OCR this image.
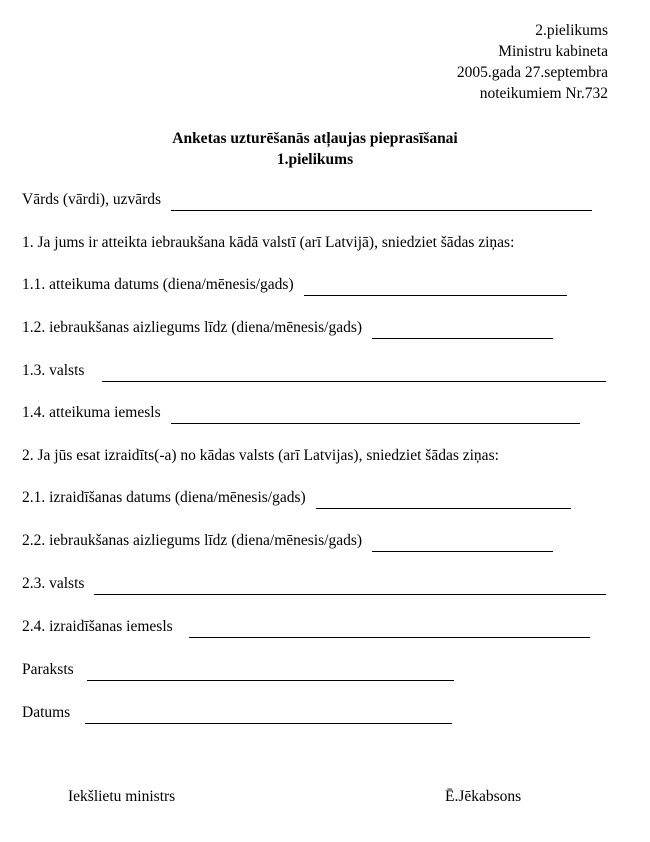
2.pielikums
Ministru kabineta
2005.gada 27.septembra
noteikumiem Nr.732
Anketas uzturēšanās atļaujas pieprasīšanai
1.pielikums
Vārds (vārdi), uzvārds
1. Ja jums ir atteikta iebraukšana kādā valstī (arī Latvijā), sniedziet šādas ziņas:
1.1. atteikuma datums (diena/mēnesis/gads)
1.2. iebraukšanas aizliegums līdz (diena/mēnesis/gads)
1.3. valsts
1.4. atteikuma iemesls
2. Ja jūs esat izraidīts(-a) no kādas valsts (arī Latvijas), sniedziet šādas ziņas:
2.1. izraidīšanas datums (diena/mēnesis/gads)
2.2. iebraukšanas aizliegums līdz (diena/mēnesis/gads)
2.3. valsts
2.4. izraidīšanas iemesls
Paraksts
Datums
Iekšlietu ministrs	Ē.Jēkabsons
